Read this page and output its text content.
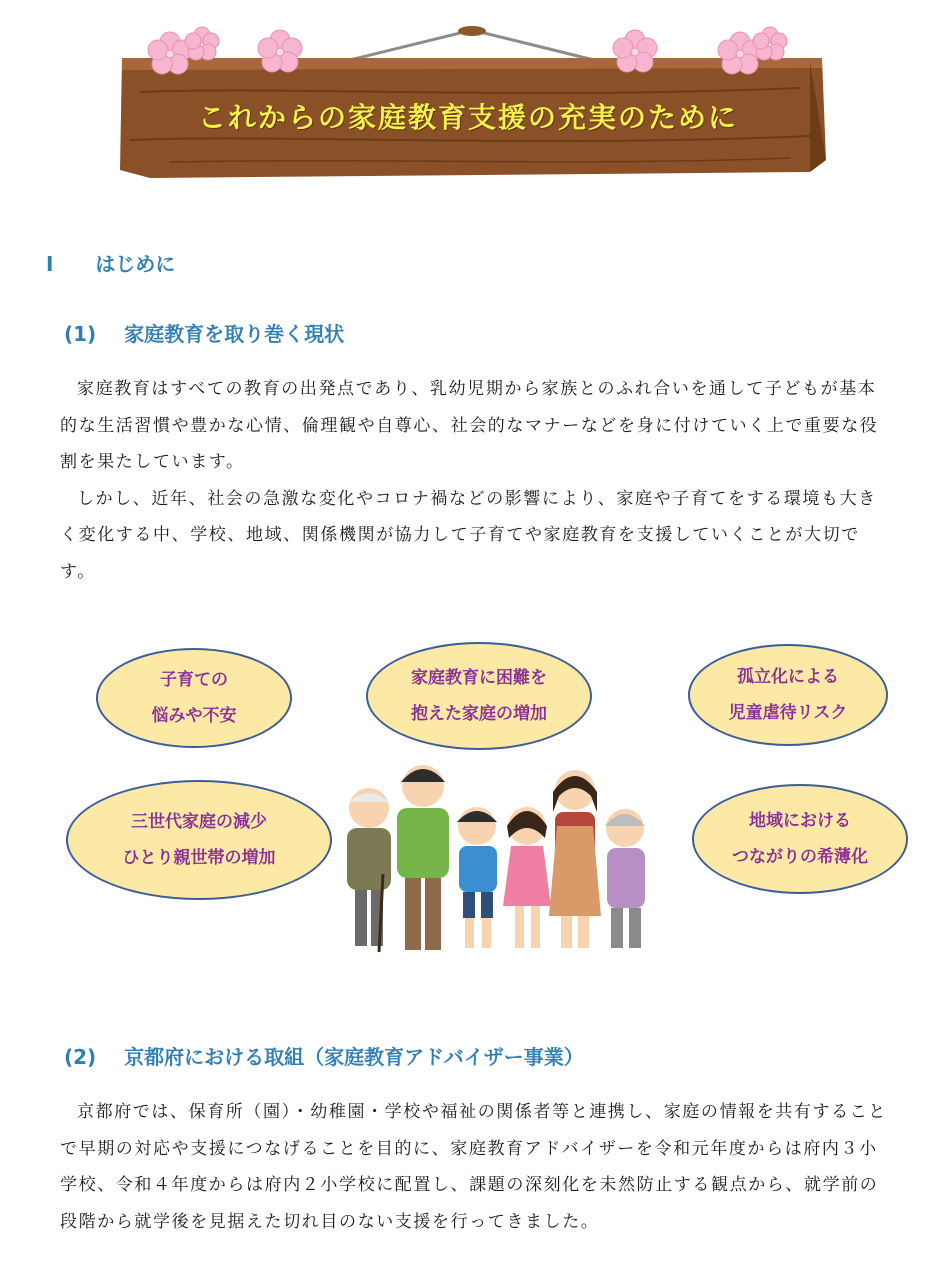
これからの家庭教育支援の充実のために
Ⅰ はじめに
(1) 家庭教育を取り巻く現状

家庭教育はすべての教育の出発点であり、乳幼児期から家族とのふれ合いを通して子どもが基本的な生活習慣や豊かな心情、倫理観や自尊心、社会的なマナーなどを身に付けていく上で重要な役割を果たしています。

しかし、近年、社会の急激な変化やコロナ禍などの影響により、家庭や子育てをする環境も大きく変化する中、学校、地域、関係機関が協力して子育てや家庭教育を支援していくことが大切です。

子育ての
悩みや不安
家庭教育に困難を
抱えた家庭の増加
孤立化による
児童虐待リスク
三世代家庭の減少
ひとり親世帯の増加
地域における
つながりの希薄化
(2) 京都府における取組（家庭教育アドバイザー事業）

京都府では、保育所（園）・幼稚園・学校や福祉の関係者等と連携し、家庭の情報を共有することで早期の対応や支援につなげることを目的に、家庭教育アドバイザーを令和元年度からは府内３小学校、令和４年度からは府内２小学校に配置し、課題の深刻化を未然防止する観点から、就学前の段階から就学後を見据えた切れ目のない支援を行ってきました。
